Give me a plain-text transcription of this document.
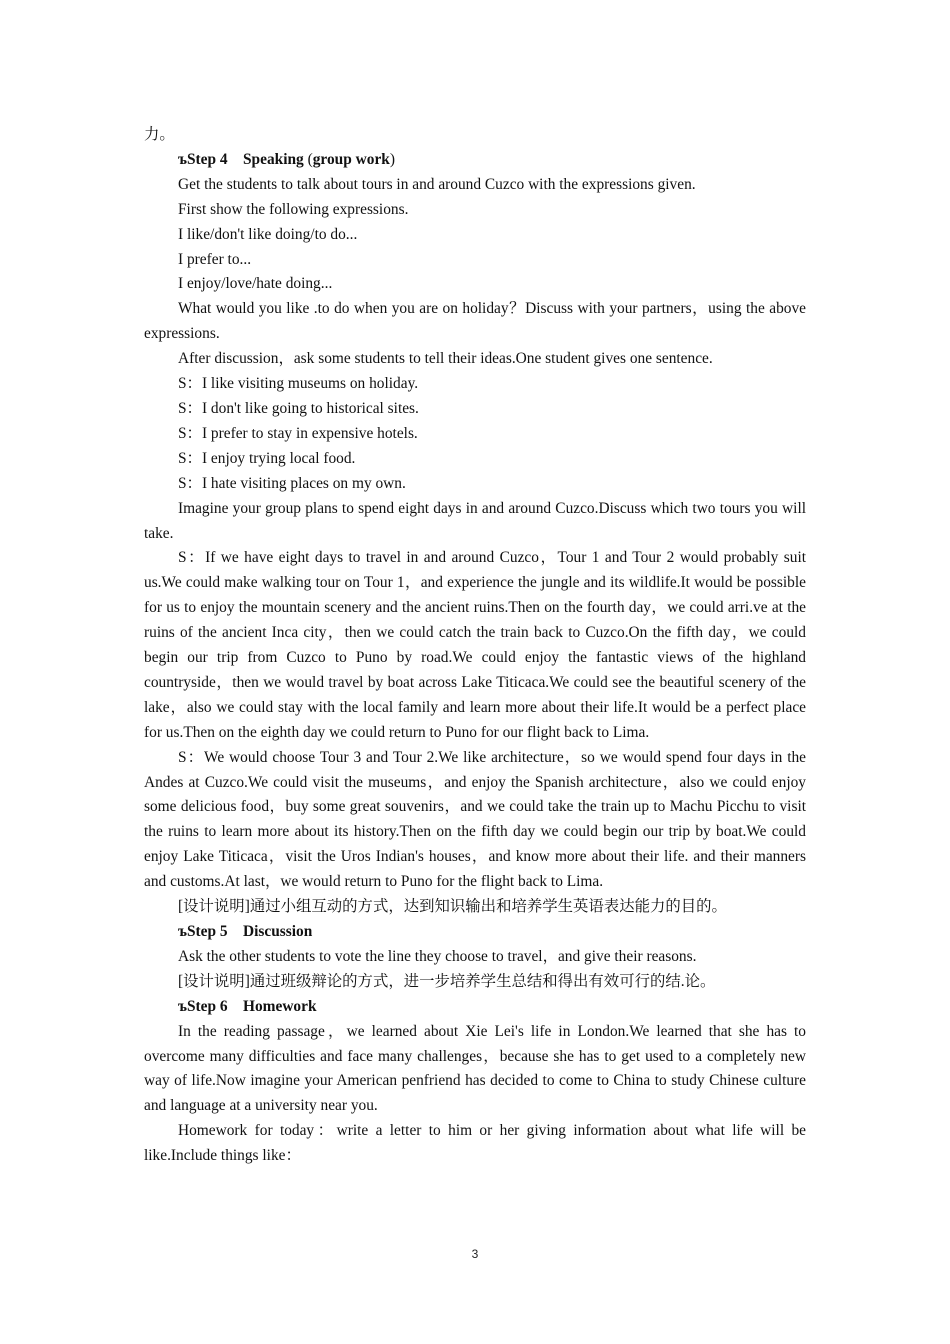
力。

ъStep 4 Speaking (group work)

Get the students to talk about tours in and around Cuzco with the expressions given.

First show the following expressions.

I like/don't like doing/to do...

I prefer to...

I enjoy/love/hate doing...

What would you like .to do when you are on holiday？Discuss with your partners，using the above expressions.

After discussion，ask some students to tell their ideas.One student gives one sentence.

S：I like visiting museums on holiday.

S：I don't like going to historical sites.

S：I prefer to stay in expensive hotels.

S：I enjoy trying local food.

S：I hate visiting places on my own.

Imagine your group plans to spend eight days in and around Cuzco.Discuss which two tours you will take.

S：If we have eight days to travel in and around Cuzco，Tour 1 and Tour 2 would probably suit us.We could make walking tour on Tour 1，and experience the jungle and its wildlife.It would be possible for us to enjoy the mountain scenery and the ancient ruins.Then on the fourth day，we could arri.ve at the ruins of the ancient Inca city，then we could catch the train back to Cuzco.On the fifth day，we could begin our trip from Cuzco to Puno by road.We could enjoy the fantastic views of the highland countryside，then we would travel by boat across Lake Titicaca.We could see the beautiful scenery of the lake，also we could stay with the local family and learn more about their life.It would be a perfect place for us.Then on the eighth day we could return to Puno for our flight back to Lima.

S：We would choose Tour 3 and Tour 2.We like architecture，so we would spend four days in the Andes at Cuzco.We could visit the museums，and enjoy the Spanish architecture，also we could enjoy some delicious food，buy some great souvenirs，and we could take the train up to Machu Picchu to visit the ruins to learn more about its history.Then on the fifth day we could begin our trip by boat.We could enjoy Lake Titicaca，visit the Uros Indian's houses，and know more about their life. and their manners and customs.At last，we would return to Puno for the flight back to Lima.

[设计说明]通过小组互动的方式，达到知识输出和培养学生英语表达能力的目的。

ъStep 5 Discussion

Ask the other students to vote the line they choose to travel，and give their reasons.

[设计说明]通过班级辩论的方式，进一步培养学生总结和得出有效可行的结.论。

ъStep 6 Homework

In the reading passage，we learned about Xie Lei's life in London.We learned that she has to overcome many difficulties and face many challenges，because she has to get used to a completely new way of life.Now imagine your American penfriend has decided to come to China to study Chinese culture and language at a university near you.

Homework for today：write a letter to him or her giving information about what life will be like.Include things like：

3
